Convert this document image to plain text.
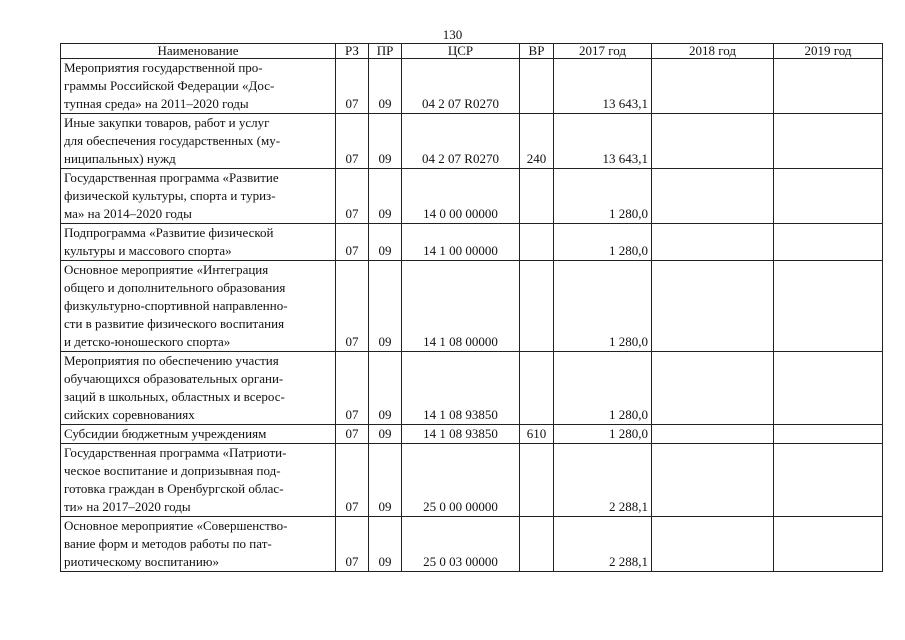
130
Наименование	РЗ	ПР	ЦСР	ВР	2017 год	2018 год	2019 год
Мероприятия государственной про-
граммы Российской Федерации «Дос-
тупная среда» на 2011–2020 годы	07	09	04 2 07 R0270		13 643,1		
Иные закупки товаров, работ и услуг
для обеспечения государственных (му-
ниципальных) нужд	07	09	04 2 07 R0270	240	13 643,1		
Государственная программа «Развитие
физической культуры, спорта и туриз-
ма» на 2014–2020 годы	07	09	14 0 00 00000		1 280,0		
Подпрограмма «Развитие физической
культуры и массового спорта»	07	09	14 1 00 00000		1 280,0		
Основное мероприятие «Интеграция
общего и дополнительного образования
физкультурно-спортивной направленно-
сти в развитие физического воспитания
и детско-юношеского спорта»	07	09	14 1 08 00000		1 280,0		
Мероприятия по обеспечению участия
обучающихся образовательных органи-
заций в школьных, областных и всерос-
сийских соревнованиях	07	09	14 1 08 93850		1 280,0		
Субсидии бюджетным учреждениям	07	09	14 1 08 93850	610	1 280,0		
Государственная программа «Патриоти-
ческое воспитание и допризывная под-
готовка граждан в Оренбургской облас-
ти» на 2017–2020 годы	07	09	25 0 00 00000		2 288,1		
Основное мероприятие «Совершенство-
вание форм и методов работы по пат-
риотическому воспитанию»	07	09	25 0 03 00000		2 288,1		
